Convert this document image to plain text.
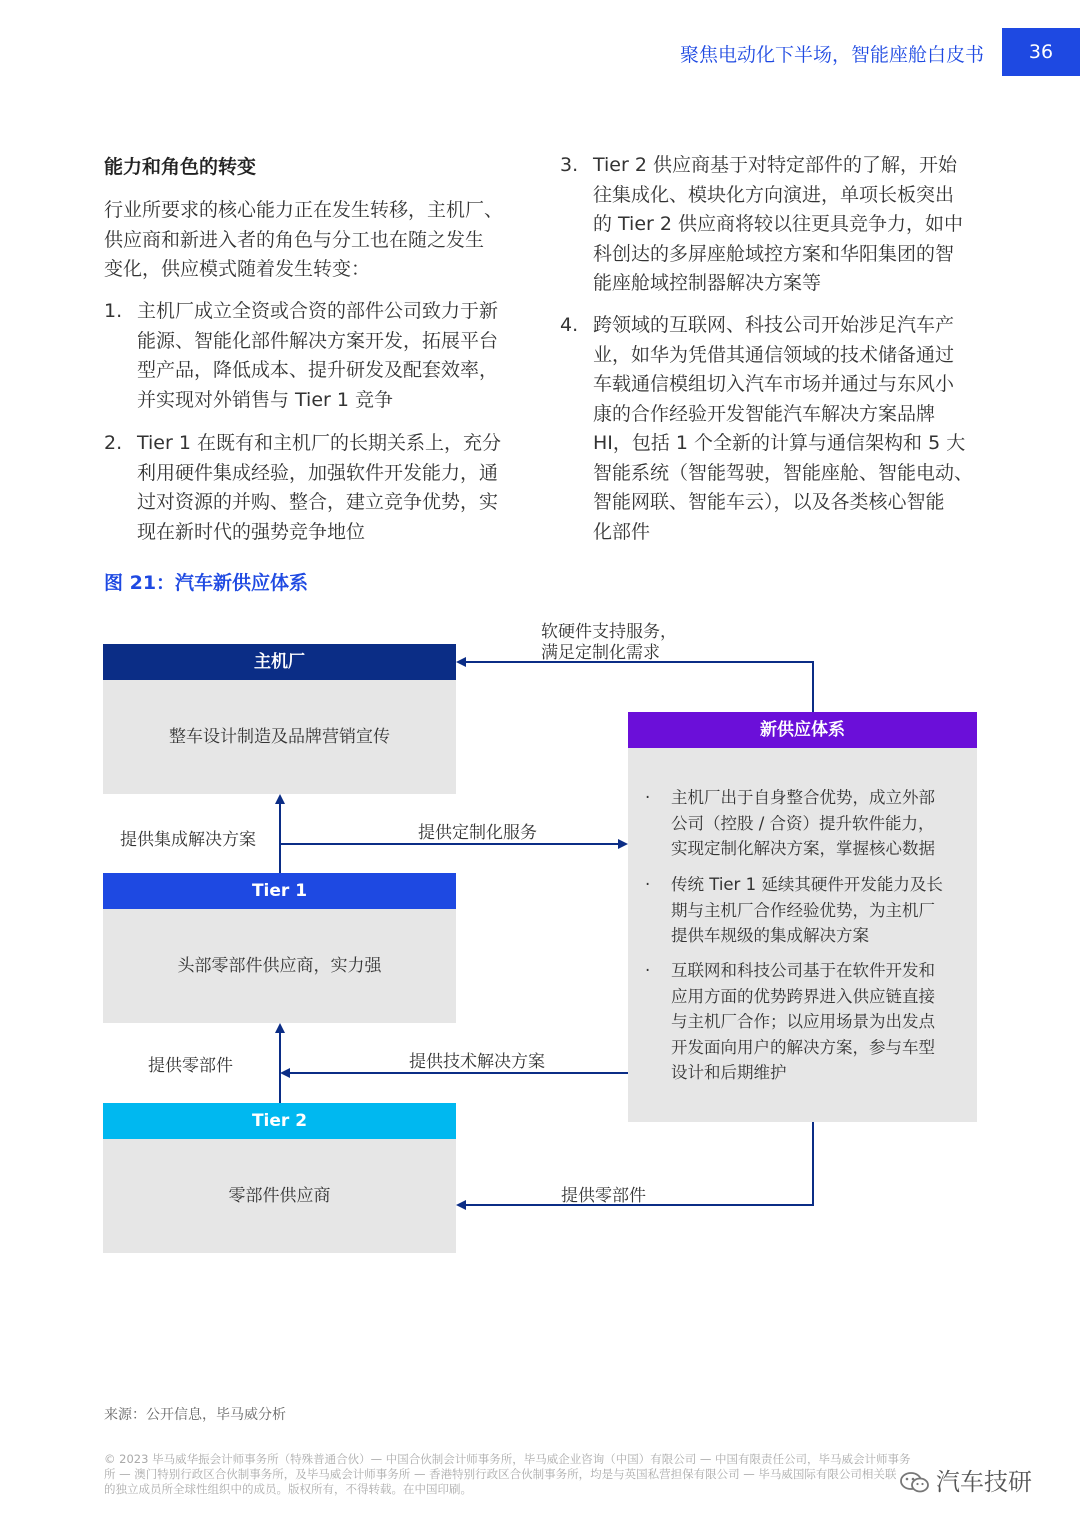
聚焦电动化下半场，智能座舱白皮书	36
能力和角色的转变
行业所要求的核心能力正在发生转移，主机厂、
供应商和新进入者的角色与分工也在随之发生
变化，供应模式随着发生转变：
1. 主机厂成立全资或合资的部件公司致力于新
能源、智能化部件解决方案开发，拓展平台
型产品，降低成本、提升研发及配套效率，
并实现对外销售与 Tier 1 竞争
2. Tier 1 在既有和主机厂的长期关系上，充分
利用硬件集成经验，加强软件开发能力，通
过对资源的并购、整合，建立竞争优势，实
现在新时代的强势竞争地位
3. Tier 2 供应商基于对特定部件的了解，开始
往集成化、模块化方向演进，单项长板突出
的 Tier 2 供应商将较以往更具竞争力，如中
科创达的多屏座舱域控方案和华阳集团的智
能座舱域控制器解决方案等
4. 跨领域的互联网、科技公司开始涉足汽车产
业，如华为凭借其通信领域的技术储备通过
车载通信模组切入汽车市场并通过与东风小
康的合作经验开发智能汽车解决方案品牌
HI，包括 1 个全新的计算与通信架构和 5 大
智能系统（智能驾驶，智能座舱、智能电动、
智能网联、智能车云），以及各类核心智能
化部件
图 21：汽车新供应体系
主机厂
整车设计制造及品牌营销宣传
Tier 1
头部零部件供应商，实力强
Tier 2
零部件供应商
新供应体系
· 主机厂出于自身整合优势，成立外部
公司（控股 / 合资）提升软件能力，
实现定制化解决方案，掌握核心数据
· 传统 Tier 1 延续其硬件开发能力及长
期与主机厂合作经验优势，为主机厂
提供车规级的集成解决方案
· 互联网和科技公司基于在软件开发和
应用方面的优势跨界进入供应链直接
与主机厂合作；以应用场景为出发点
开发面向用户的解决方案，参与车型
设计和后期维护
软硬件支持服务，
满足定制化需求
提供集成解决方案	提供定制化服务
提供零部件	提供技术解决方案
提供零部件
来源：公开信息，毕马威分析
© 2023 毕马威华振会计师事务所（特殊普通合伙）— 中国合伙制会计师事务所，毕马威企业咨询（中国）有限公司 — 中国有限责任公司，毕马威会计师事务
所 — 澳门特别行政区合伙制事务所，及毕马威会计师事务所 — 香港特别行政区合伙制事务所，均是与英国私营担保有限公司 — 毕马威国际有限公司相关联
的独立成员所全球性组织中的成员。版权所有，不得转载。在中国印刷。	汽车技研
